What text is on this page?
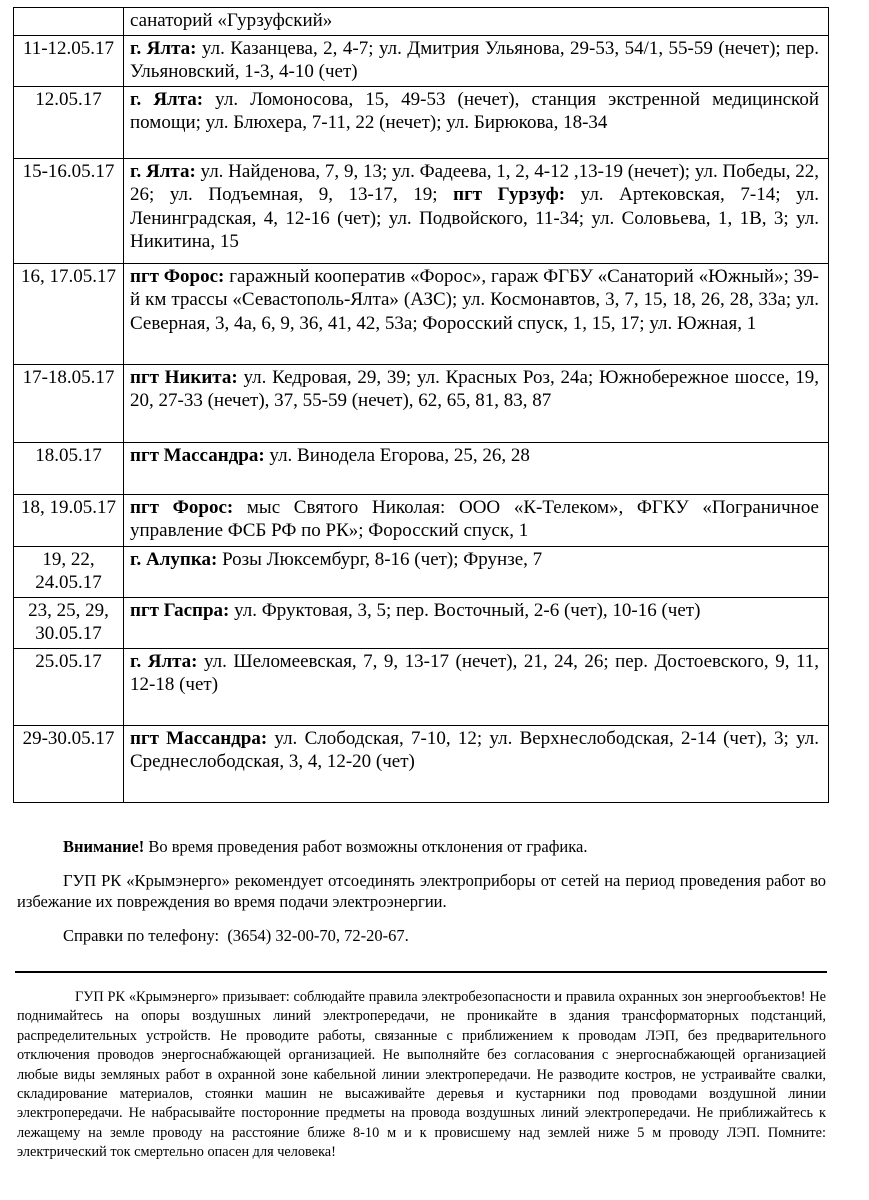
	санаторий «Гурзуфский»
11-12.05.17	г. Ялта: ул. Казанцева, 2, 4-7; ул. Дмитрия Ульянова, 29-53, 54/1, 55-59 (нечет); пер. Ульяновский, 1-3, 4-10 (чет)
12.05.17	г. Ялта: ул. Ломоносова, 15, 49-53 (нечет), станция экстренной медицинской помощи; ул. Блюхера, 7-11, 22 (нечет); ул. Бирюкова, 18-34
15-16.05.17	г. Ялта: ул. Найденова, 7, 9, 13; ул. Фадеева, 1, 2, 4-12 ,13-19 (нечет); ул. Победы, 22, 26; ул. Подъемная, 9, 13-17, 19; пгт Гурзуф: ул. Артековская, 7-14; ул. Ленинградская, 4, 12-16 (чет); ул. Подвойского, 11-34; ул. Соловьева, 1, 1В, 3; ул. Никитина, 15
16, 17.05.17	пгт Форос: гаражный кооператив «Форос», гараж ФГБУ «Санаторий «Южный»; 39-й км трассы «Севастополь-Ялта» (АЗС); ул. Космонавтов, 3, 7, 15, 18, 26, 28, 33а; ул. Северная, 3, 4а, 6, 9, 36, 41, 42, 53а; Форосский спуск, 1, 15, 17; ул. Южная, 1
17-18.05.17	пгт Никита: ул. Кедровая, 29, 39; ул. Красных Роз, 24а; Южнобережное шоссе, 19, 20, 27-33 (нечет), 37, 55-59 (нечет), 62, 65, 81, 83, 87
18.05.17	пгт Массандра: ул. Винодела Егорова, 25, 26, 28
18, 19.05.17	пгт Форос: мыс Святого Николая: ООО «К-Телеком», ФГКУ «Пограничное управление ФСБ РФ по РК»; Форосский спуск, 1
19, 22, 24.05.17	г. Алупка: Розы Люксембург, 8-16 (чет); Фрунзе, 7
23, 25, 29, 30.05.17	пгт Гаспра: ул. Фруктовая, 3, 5; пер. Восточный, 2-6 (чет), 10-16 (чет)
25.05.17	г. Ялта: ул. Шеломеевская, 7, 9, 13-17 (нечет), 21, 24, 26; пер. Достоевского, 9, 11, 12-18 (чет)
29-30.05.17	пгт Массандра: ул. Слободская, 7-10, 12; ул. Верхнеслободская, 2-14 (чет), 3; ул. Среднеслободская, 3, 4, 12-20 (чет)

Внимание! Во время проведения работ возможны отклонения от графика.

ГУП РК «Крымэнерго» рекомендует отсоединять электроприборы от сетей на период проведения работ во избежание их повреждения во время подачи электроэнергии.

Справки по телефону: (3654) 32-00-70, 72-20-67.

ГУП РК «Крымэнерго» призывает: соблюдайте правила электробезопасности и правила охранных зон энергообъектов! Не поднимайтесь на опоры воздушных линий электропередачи, не проникайте в здания трансформаторных подстанций, распределительных устройств. Не проводите работы, связанные с приближением к проводам ЛЭП, без предварительного отключения проводов энергоснабжающей организацией. Не выполняйте без согласования с энергоснабжающей организацией любые виды земляных работ в охранной зоне кабельной линии электропередачи. Не разводите костров, не устраивайте свалки, складирование материалов, стоянки машин не высаживайте деревья и кустарники под проводами воздушной линии электропередачи. Не набрасывайте посторонние предметы на провода воздушных линий электропередачи. Не приближайтесь к лежащему на земле проводу на расстояние ближе 8-10 м и к провисшему над землей ниже 5 м проводу ЛЭП. Помните: электрический ток смертельно опасен для человека!
